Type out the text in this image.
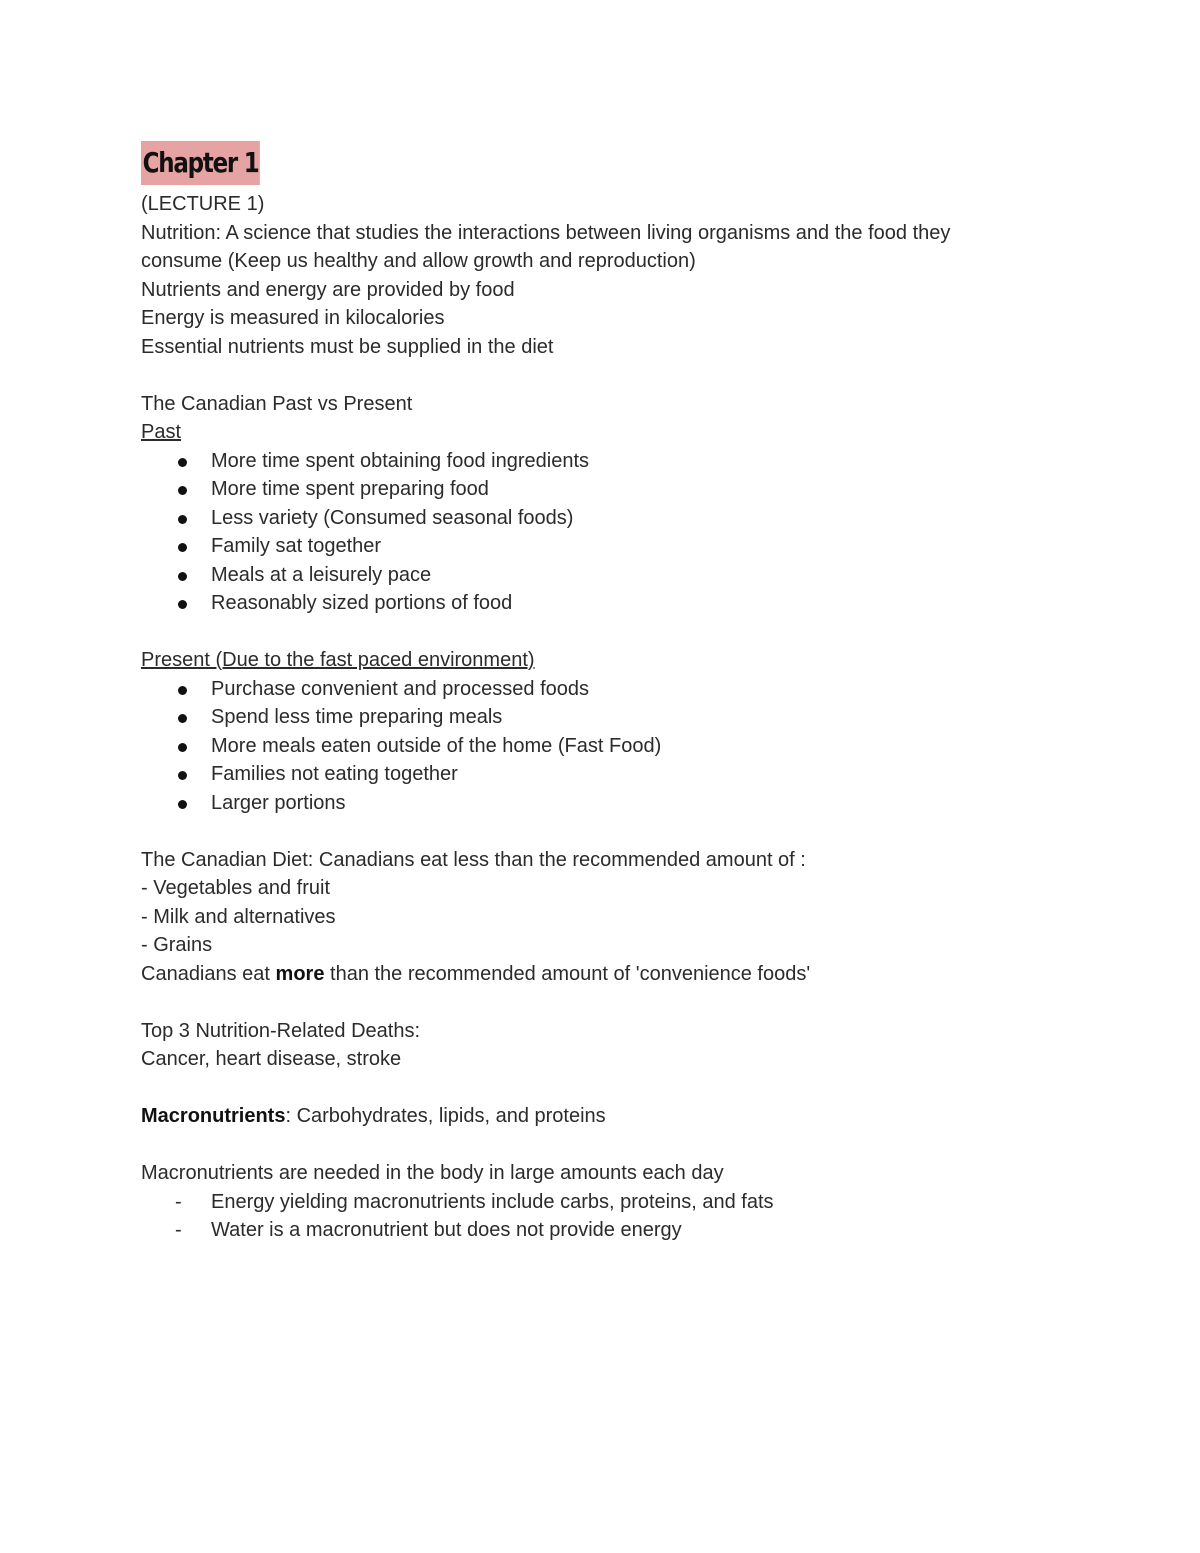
Chapter 1
(LECTURE 1)
Nutrition: A science that studies the interactions between living organisms and the food they
consume (Keep us healthy and allow growth and reproduction)
Nutrients and energy are provided by food
Energy is measured in kilocalories
Essential nutrients must be supplied in the diet
The Canadian Past vs Present
Past
More time spent obtaining food ingredients
More time spent preparing food
Less variety (Consumed seasonal foods)
Family sat together
Meals at a leisurely pace
Reasonably sized portions of food
Present (Due to the fast paced environment)
Purchase convenient and processed foods
Spend less time preparing meals
More meals eaten outside of the home (Fast Food)
Families not eating together
Larger portions
The Canadian Diet: Canadians eat less than the recommended amount of :
- Vegetables and fruit
- Milk and alternatives
- Grains
Canadians eat more than the recommended amount of 'convenience foods'
Top 3 Nutrition-Related Deaths:
Cancer, heart disease, stroke
Macronutrients: Carbohydrates, lipids, and proteins
Macronutrients are needed in the body in large amounts each day
- Energy yielding macronutrients include carbs, proteins, and fats
- Water is a macronutrient but does not provide energy
